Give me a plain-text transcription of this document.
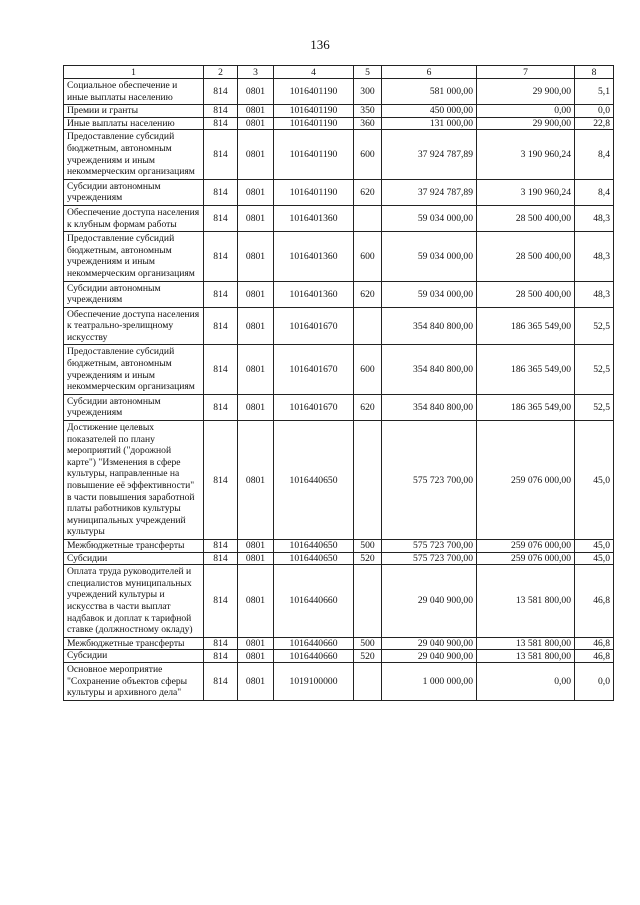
136
1	2	3	4	5	6	7	8
Социальное обеспечение и иные выплаты населению	814	0801	1016401190	300	581 000,00	29 900,00	5,1
Премии и гранты	814	0801	1016401190	350	450 000,00	0,00	0,0
Иные выплаты населению	814	0801	1016401190	360	131 000,00	29 900,00	22,8
Предоставление субсидий бюджетным, автономным учреждениям и иным некоммерческим организациям	814	0801	1016401190	600	37 924 787,89	3 190 960,24	8,4
Субсидии автономным учреждениям	814	0801	1016401190	620	37 924 787,89	3 190 960,24	8,4
Обеспечение доступа населения к клубным формам работы	814	0801	1016401360		59 034 000,00	28 500 400,00	48,3
Предоставление субсидий бюджетным, автономным учреждениям и иным некоммерческим организациям	814	0801	1016401360	600	59 034 000,00	28 500 400,00	48,3
Субсидии автономным учреждениям	814	0801	1016401360	620	59 034 000,00	28 500 400,00	48,3
Обеспечение доступа населения к театрально-зрелищному искусству	814	0801	1016401670		354 840 800,00	186 365 549,00	52,5
Предоставление субсидий бюджетным, автономным учреждениям и иным некоммерческим организациям	814	0801	1016401670	600	354 840 800,00	186 365 549,00	52,5
Субсидии автономным учреждениям	814	0801	1016401670	620	354 840 800,00	186 365 549,00	52,5
Достижение целевых показателей по плану мероприятий ("дорожной карте") "Изменения в сфере культуры, направленные на повышение её эффективности" в части повышения заработной платы работников культуры муниципальных учреждений культуры	814	0801	1016440650		575 723 700,00	259 076 000,00	45,0
Межбюджетные трансферты	814	0801	1016440650	500	575 723 700,00	259 076 000,00	45,0
Субсидии	814	0801	1016440650	520	575 723 700,00	259 076 000,00	45,0
Оплата труда руководителей и специалистов муниципальных учреждений культуры и искусства в части выплат надбавок и доплат к тарифной ставке (должностному окладу)	814	0801	1016440660		29 040 900,00	13 581 800,00	46,8
Межбюджетные трансферты	814	0801	1016440660	500	29 040 900,00	13 581 800,00	46,8
Субсидии	814	0801	1016440660	520	29 040 900,00	13 581 800,00	46,8
Основное мероприятие "Сохранение объектов сферы культуры и архивного дела"	814	0801	1019100000		1 000 000,00	0,00	0,0
